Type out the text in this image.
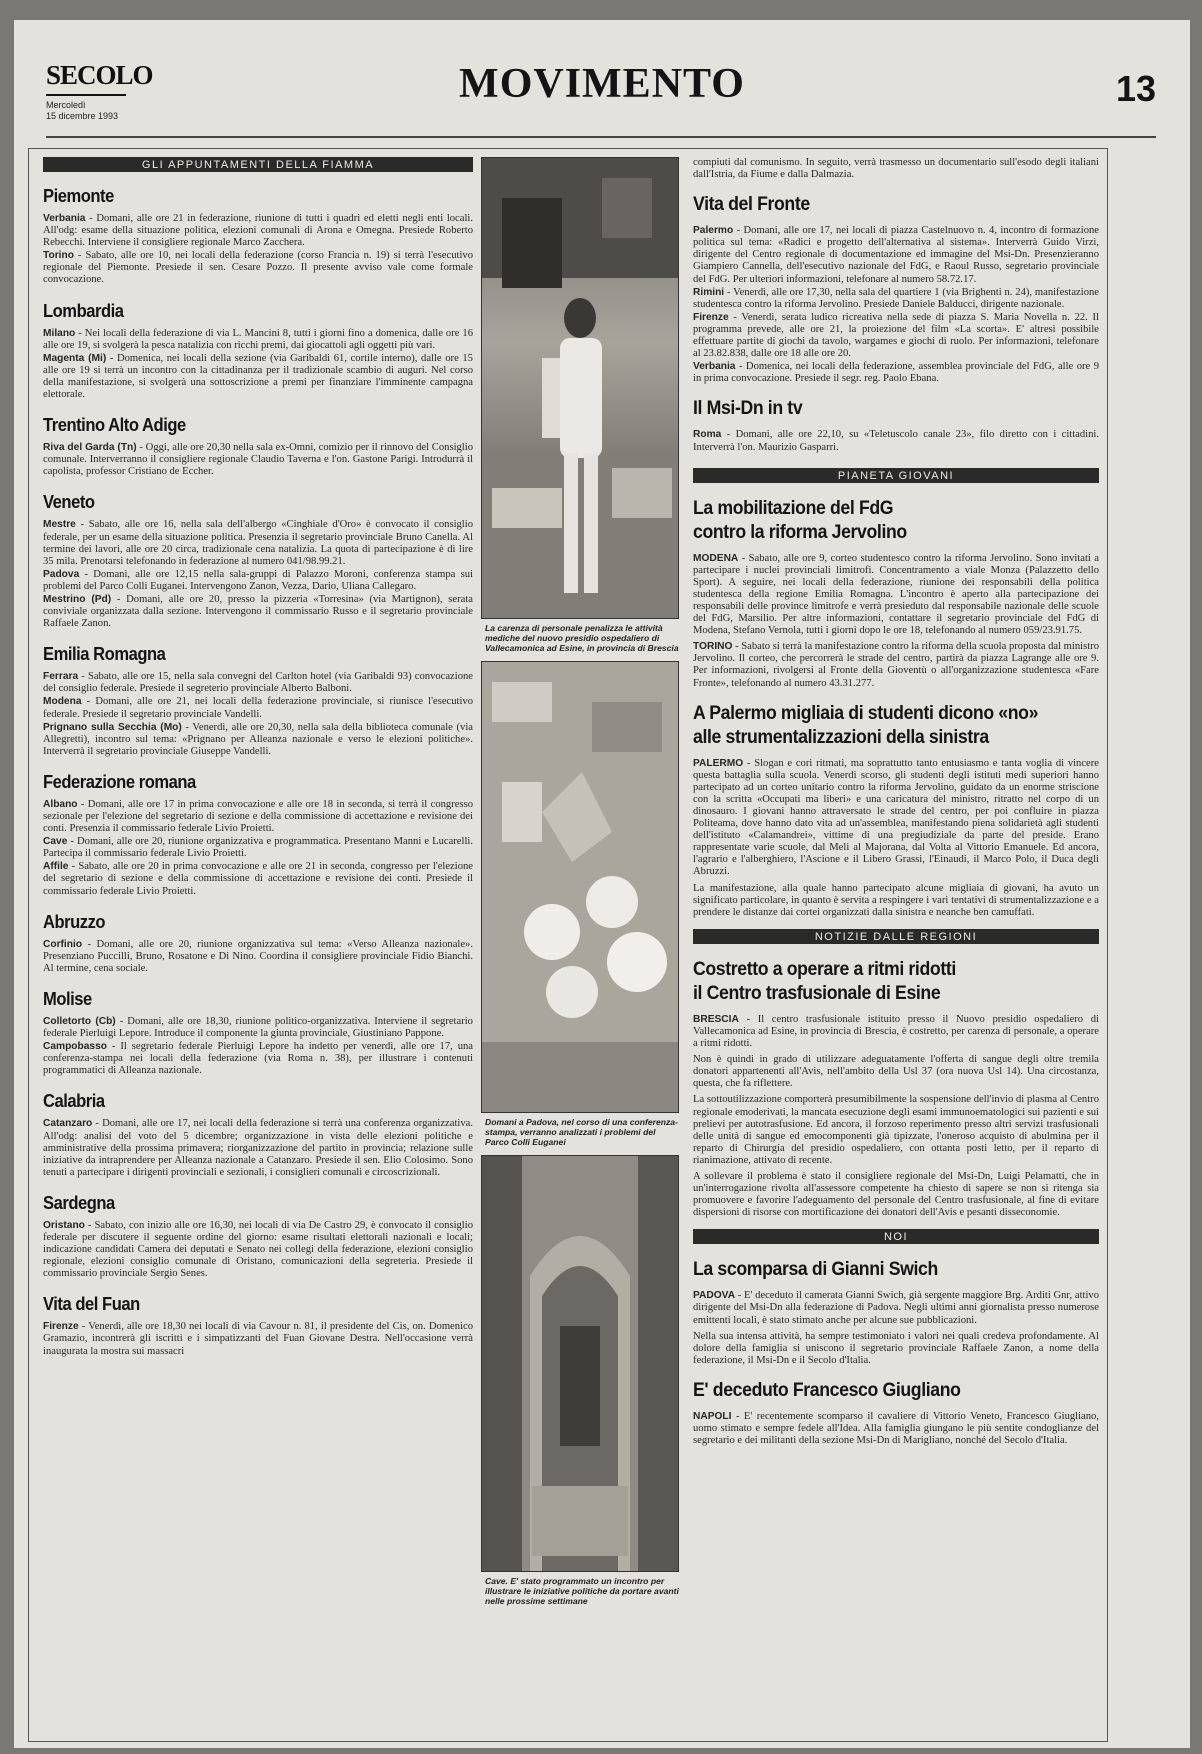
SECOLO
Mercoledì
15 dicembre 1993
MOVIMENTO	13
GLI APPUNTAMENTI DELLA FIAMMA
Piemonte

Verbania - Domani, alle ore 21 in federazione, riunione di tutti i quadri ed eletti negli enti locali. All'odg: esame della situazione politica, elezioni comunali di Arona e Omegna. Presiede Roberto Rebecchi. Interviene il consigliere regionale Marco Zacchera.

Torino - Sabato, alle ore 10, nei locali della federazione (corso Francia n. 19) si terrà l'esecutivo regionale del Piemonte. Presiede il sen. Cesare Pozzo. Il presente avviso vale come formale convocazione.

Lombardia

Milano - Nei locali della federazione di via L. Mancini 8, tutti i giorni fino a domenica, dalle ore 16 alle ore 19, si svolgerà la pesca natalizia con ricchi premi, dai giocattoli agli oggetti più vari.

Magenta (Mi) - Domenica, nei locali della sezione (via Garibaldi 61, cortile interno), dalle ore 15 alle ore 19 si terrà un incontro con la cittadinanza per il tradizionale scambio di auguri. Nel corso della manifestazione, si svolgerà una sottoscrizione a premi per finanziare l'imminente campagna elettorale.

Trentino Alto Adige

Riva del Garda (Tn) - Oggi, alle ore 20,30 nella sala ex-Omni, comizio per il rinnovo del Consiglio comunale. Interverranno il consigliere regionale Claudio Taverna e l'on. Gastone Parigi. Introdurrà il capolista, professor Cristiano de Eccher.

Veneto

Mestre - Sabato, alle ore 16, nella sala dell'albergo «Cinghiale d'Oro» è convocato il consiglio federale, per un esame della situazione politica. Presenzia il segretario provinciale Bruno Canella. Al termine dei lavori, alle ore 20 circa, tradizionale cena natalizia. La quota di partecipazione è di lire 35 mila. Prenotarsi telefonando in federazione al numero 041/98.99.21.

Padova - Domani, alle ore 12,15 nella sala-gruppi di Palazzo Moroni, conferenza stampa sui problemi del Parco Colli Euganei. Intervengono Zanon, Vezza, Dario, Uliana Callegaro.

Mestrino (Pd) - Domani, alle ore 20, presso la pizzeria «Torresina» (via Martignon), serata conviviale organizzata dalla sezione. Intervengono il commissario Russo e il segretario provinciale Raffaele Zanon.

Emilia Romagna

Ferrara - Sabato, alle ore 15, nella sala convegni del Carlton hotel (via Garibaldi 93) convocazione del consiglio federale. Presiede il segreterio provinciale Alberto Balboni.

Modena - Domani, alle ore 21, nei locali della federazione provinciale, si riunisce l'esecutivo federale. Presiede il segretario provinciale Vandelli.

Prignano sulla Secchia (Mo) - Venerdì, alle ore 20,30, nella sala della biblioteca comunale (via Allegretti), incontro sul tema: «Prignano per Alleanza nazionale e verso le elezioni politiche». Interverrà il segretario provinciale Giuseppe Vandelli.

Federazione romana

Albano - Domani, alle ore 17 in prima convocazione e alle ore 18 in seconda, si terrà il congresso sezionale per l'elezione del segretario di sezione e della commissione di accettazione e revisione dei conti. Presenzia il commissario federale Livio Proietti.

Cave - Domani, alle ore 20, riunione organizzativa e programmatica. Presentano Manni e Lucarelli. Partecipa il commissario federale Livio Proietti.

Affile - Sabato, alle ore 20 in prima convocazione e alle ore 21 in seconda, congresso per l'elezione del segretario di sezione e della commissione di accettazione e revisione dei conti. Presiede il commissario federale Livio Proietti.

Abruzzo

Corfinio - Domani, alle ore 20, riunione organizzativa sul tema: «Verso Alleanza nazionale». Presenziano Puccilli, Bruno, Rosatone e Di Nino. Coordina il consigliere provinciale Fidio Bianchi. Al termine, cena sociale.

Molise

Colletorto (Cb) - Domani, alle ore 18,30, riunione politico-organizzativa. Interviene il segretario federale Pierluigi Lepore. Introduce il componente la giunta provinciale, Giustiniano Pappone.

Campobasso - Il segretario federale Pierluigi Lepore ha indetto per venerdì, alle ore 17, una conferenza-stampa nei locali della federazione (via Roma n. 38), per illustrare i contenuti programmatici di Alleanza nazionale.

Calabria

Catanzaro - Domani, alle ore 17, nei locali della federazione si terrà una conferenza organizzativa. All'odg: analisi del voto del 5 dicembre; organizzazione in vista delle elezioni politiche e amministrative della prossima primavera; riorganizzazione del partito in provincia; relazione sulle iniziative da intraprendere per Alleanza nazionale a Catanzaro. Presiede il sen. Elio Colosimo. Sono tenuti a partecipare i dirigenti provinciali e sezionali, i consiglieri comunali e circoscrizionali.

Sardegna

Oristano - Sabato, con inizio alle ore 16,30, nei locali di via De Castro 29, è convocato il consiglio federale per discutere il seguente ordine del giorno: esame risultati elettorali nazionali e locali; indicazione candidati Camera dei deputati e Senato nei collegi della federazione, elezioni consiglio regionale, elezioni consiglio comunale di Oristano, comunicazioni della segreteria. Presiede il commissario provinciale Sergio Senes.

Vita del Fuan

Firenze - Venerdì, alle ore 18,30 nei locali di via Cavour n. 81, il presidente del Cis, on. Domenico Gramazio, incontrerà gli iscritti e i simpatizzanti del Fuan Giovane Destra. Nell'occasione verrà inaugurata la mostra sui massacri

La carenza di personale penalizza le attività mediche del nuovo presidio ospedaliero di Vallecamonica ad Esine, in provincia di Brescia
Domani a Padova, nel corso di una conferenza-stampa, verranno analizzati i problemi del Parco Colli Euganei
Cave. E' stato programmato un incontro per illustrare le iniziative politiche da portare avanti nelle prossime settimane

compiuti dal comunismo. In seguito, verrà trasmesso un documentario sull'esodo degli italiani dall'Istria, da Fiume e dalla Dalmazia.

Vita del Fronte

Palermo - Domani, alle ore 17, nei locali di piazza Castelnuovo n. 4, incontro di formazione politica sul tema: «Radici e progetto dell'alternativa al sistema». Interverrà Guido Virzì, dirigente del Centro regionale di documentazione ed immagine del Msi-Dn. Presenzieranno Giampiero Cannella, dell'esecutivo nazionale del FdG, e Raoul Russo, segretario provinciale del FdG. Per ulteriori informazioni, telefonare al numero 58.72.17.

Rimini - Venerdì, alle ore 17,30, nella sala del quartiere 1 (via Brighenti n. 24), manifestazione studentesca contro la riforma Jervolino. Presiede Daniele Balducci, dirigente nazionale.

Firenze - Venerdì, serata ludico ricreativa nella sede di piazza S. Maria Novella n. 22. Il programma prevede, alle ore 21, la proiezione del film «La scorta». E' altresì possibile effettuare partite di giochi da tavolo, wargames e giochi di ruolo. Per informazioni, telefonare al 23.82.838, dalle ore 18 alle ore 20.

Verbania - Domenica, nei locali della federazione, assemblea provinciale del FdG, alle ore 9 in prima convocazione. Presiede il segr. reg. Paolo Ebana.

Il Msi-Dn in tv

Roma - Domani, alle ore 22,10, su «Teletuscolo canale 23», filo diretto con i cittadini. Interverrà l'on. Maurizio Gasparri.

PIANETA GIOVANI
La mobilitazione del FdG
contro la riforma Jervolino

MODENA - Sabato, alle ore 9, corteo studentesco contro la riforma Jervolino. Sono invitati a partecipare i nuclei provinciali limitrofi. Concentramento a viale Monza (Palazzetto dello Sport). A seguire, nei locali della federazione, riunione dei responsabili della politica studentesca della regione Emilia Romagna. L'incontro è aperto alla partecipazione dei responsabili delle province limitrofe e verrà presieduto dal responsabile nazionale delle scuole del FdG, Marsilio. Per altre informazioni, contattare il segretario provinciale del FdG di Modena, Stefano Vernola, tutti i giorni dopo le ore 18, telefonando al numero 059/23.91.75.

TORINO - Sabato si terrà la manifestazione contro la riforma della scuola proposta dal ministro Jervolino. Il corteo, che percorrerà le strade del centro, partirà da piazza Lagrange alle ore 9. Per informazioni, rivolgersi al Fronte della Gioventù o all'organizzazione studentesca «Fare Fronte», telefonando al numero 43.31.277.

A Palermo migliaia di studenti dicono «no»
alle strumentalizzazioni della sinistra

PALERMO - Slogan e cori ritmati, ma soprattutto tanto entusiasmo e tanta voglia di vincere questa battaglia sulla scuola. Venerdì scorso, gli studenti degli istituti medi superiori hanno partecipato ad un corteo unitario contro la riforma Jervolino, guidato da un enorme striscione con la scritta «Occupati ma liberi» e una caricatura del ministro, ritratto nel corpo di un dinosauro. I giovani hanno attraversato le strade del centro, per poi confluire in piazza Politeama, dove hanno dato vita ad un'assemblea, manifestando piena solidarietà agli studenti dell'istituto «Calamandrei», vittime di una pregiudiziale da parte del preside. Erano rappresentate varie scuole, dal Meli al Majorana, dal Volta al Vittorio Emanuele. Ed ancora, l'agrario e l'alberghiero, l'Ascione e il Libero Grassi, l'Einaudi, il Marco Polo, il Duca degli Abruzzi.

La manifestazione, alla quale hanno partecipato alcune migliaia di giovani, ha avuto un significato particolare, in quanto è servita a respingere i vari tentativi di strumentalizzazione e a prendere le distanze dai cortei organizzati dalla sinistra e neanche ben camuffati.

NOTIZIE DALLE REGIONI
Costretto a operare a ritmi ridotti
il Centro trasfusionale di Esine

BRESCIA - Il centro trasfusionale istituito presso il Nuovo presidio ospedaliero di Vallecamonica ad Esine, in provincia di Brescia, è costretto, per carenza di personale, a operare a ritmi ridotti.

Non è quindi in grado di utilizzare adeguatamente l'offerta di sangue degli oltre tremila donatori appartenenti all'Avis, nell'ambito della Usl 37 (ora nuova Usl 14). Una circostanza, questa, che fa riflettere.

La sottoutilizzazione comporterà presumibilmente la sospensione dell'invio di plasma al Centro regionale emoderivati, la mancata esecuzione degli esami immunoematologici sui pazienti e sui prelievi per autotrasfusione. Ed ancora, il forzoso reperimento presso altri servizi trasfusionali delle unità di sangue ed emocomponenti già tipizzate, l'oneroso acquisto di abulmina per il reparto di Chirurgia del presidio ospedaliero, con ottanta posti letto, per il reparto di rianimazione, attivato di recente.

A sollevare il problema è stato il consigliere regionale del Msi-Dn, Luigi Pelamatti, che in un'interrogazione rivolta all'assessore competente ha chiesto di sapere se non si ritenga sia promuovere e favorire l'adeguamento del personale del Centro trasfusionale, al fine di evitare dispersioni di risorse con mortificazione dei donatori dell'Avis e pesanti disseconomie.

NOI
La scomparsa di Gianni Swich

PADOVA - E' deceduto il camerata Gianni Swich, già sergente maggiore Brg. Arditi Gnr, attivo dirigente del Msi-Dn alla federazione di Padova. Negli ultimi anni giornalista presso numerose emittenti locali, è stato stimato anche per alcune sue pubblicazioni.

Nella sua intensa attività, ha sempre testimoniato i valori nei quali credeva profondamente. Al dolore della famiglia si uniscono il segretario provinciale Raffaele Zanon, a nome della federazione, il Msi-Dn e il Secolo d'Italia.

E' deceduto Francesco Giugliano

NAPOLI - E' recentemente scomparso il cavaliere di Vittorio Veneto, Francesco Giugliano, uomo stimato e sempre fedele all'Idea. Alla famiglia giungano le più sentite condoglianze del segretario e dei militanti della sezione Msi-Dn di Marigliano, nonché del Secolo d'Italia.
